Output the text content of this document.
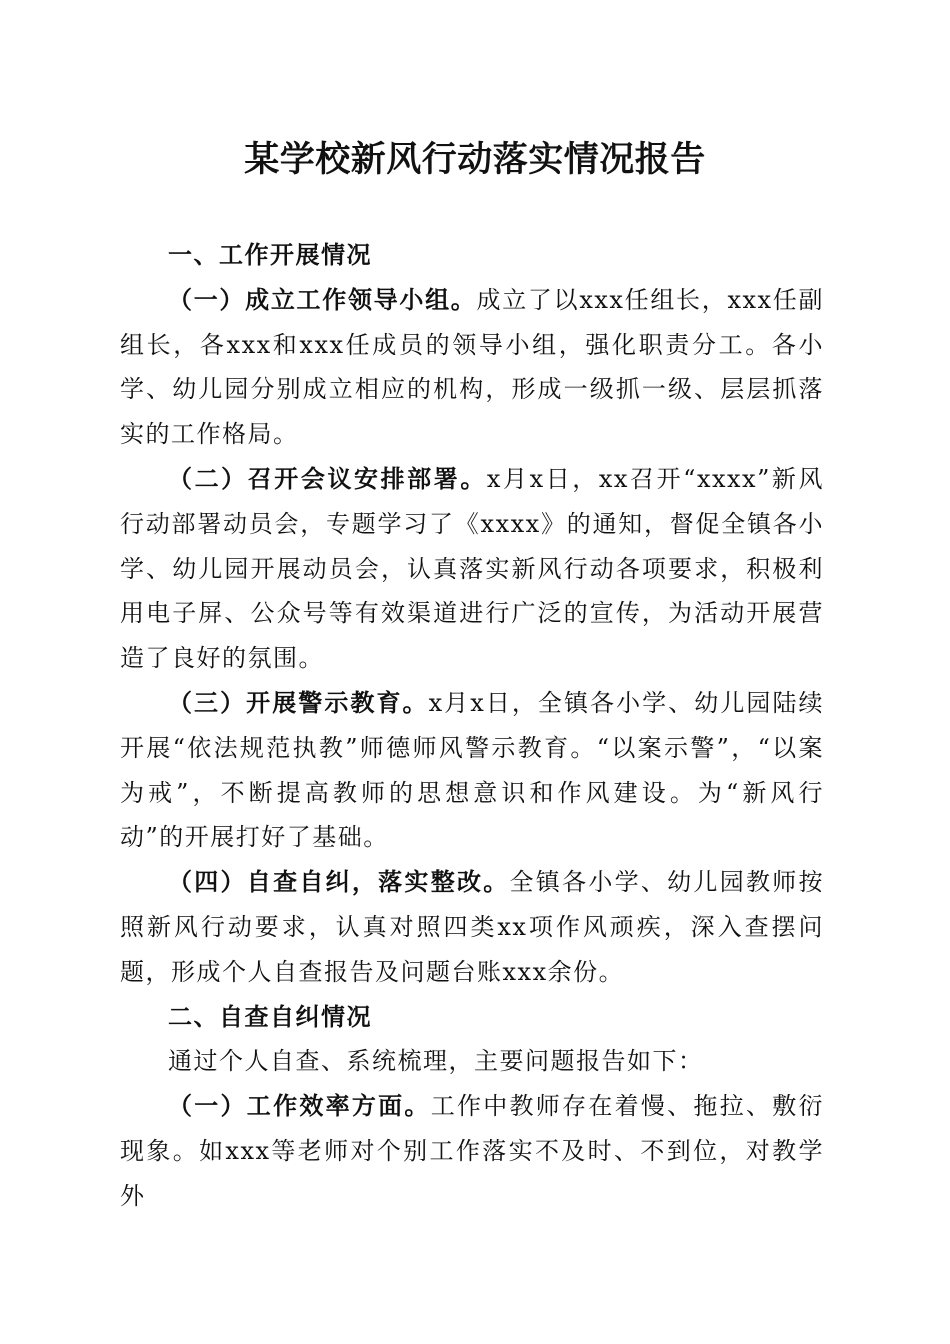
某学校新风行动落实情况报告

一、工作开展情况

（一）成立工作领导小组。成立了以xxx任组长，xxx任副组长，各xxx和xxx任成员的领导小组，强化职责分工。各小学、幼儿园分别成立相应的机构，形成一级抓一级、层层抓落实的工作格局。

（二）召开会议安排部署。x月x日，xx召开“xxxx”新风行动部署动员会，专题学习了《xxxx》的通知，督促全镇各小学、幼儿园开展动员会，认真落实新风行动各项要求，积极利用电子屏、公众号等有效渠道进行广泛的宣传，为活动开展营造了良好的氛围。

（三）开展警示教育。x月x日，全镇各小学、幼儿园陆续开展“依法规范执教”师德师风警示教育。“以案示警”，“以案为戒”，不断提高教师的思想意识和作风建设。为“新风行动”的开展打好了基础。

（四）自查自纠，落实整改。全镇各小学、幼儿园教师按照新风行动要求，认真对照四类xx项作风顽疾，深入查摆问题，形成个人自查报告及问题台账xxx余份。

二、自查自纠情况

通过个人自查、系统梳理，主要问题报告如下：

（一）工作效率方面。工作中教师存在着慢、拖拉、敷衍现象。如xxx等老师对个别工作落实不及时、不到位，对教学外
